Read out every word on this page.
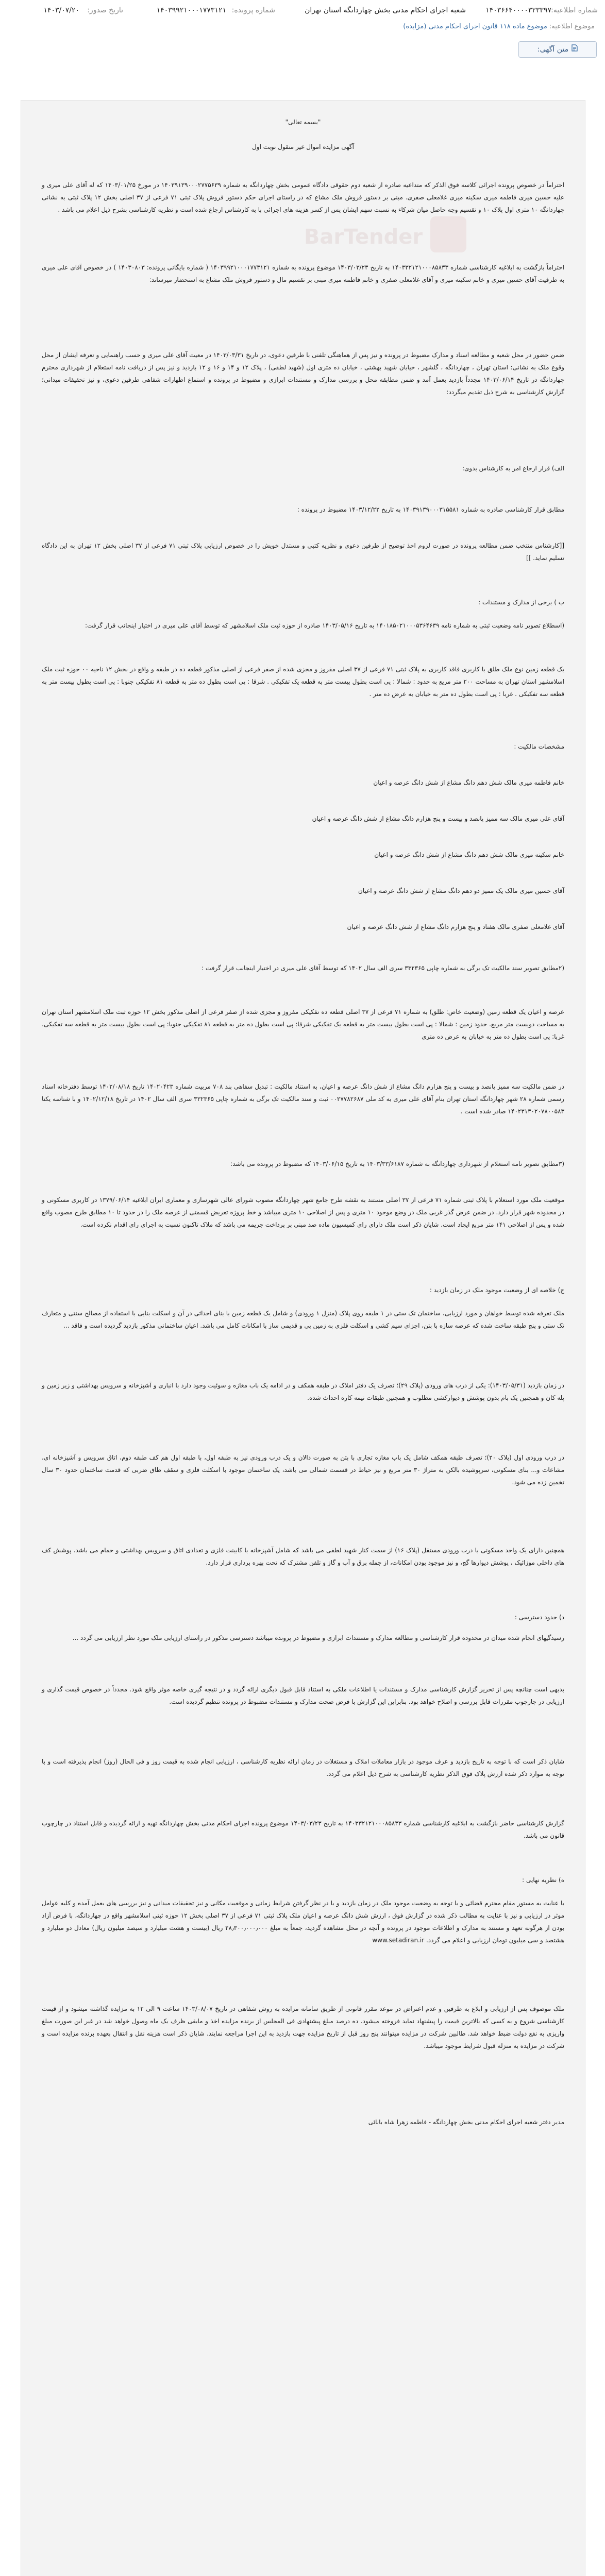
شماره اطلاعیه:
۱۴۰۳۶۶۴۰۰۰۰۳۲۳۳۹۷
شعبه اجرای احکام مدنی بخش چهاردانگه استان تهران
شماره پرونده:
۱۴۰۳۹۹۲۱۰۰۰۱۷۷۳۱۲۱
تاریخ صدور:
۱۴۰۳/۰۷/۲۰
موضوع اطلاعیه: موضوع ماده ۱۱۸ قانون اجرای احکام مدنی (مزایده)
متن آگهی:
BarTender

"بسمه تعالی"

آگهی مزایده اموال غیر منقول نوبت اول

احتراماً در خصوص پرونده اجرائی کلاسه فوق الذکر که متداعیه صادره از شعبه دوم حقوقی دادگاه عمومی بخش چهاردانگه به شماره ۱۴۰۳۹۱۳۹۰۰۰۲۷۷۵۶۳۹ در مورخ ۱۴۰۳/۰۱/۲۵ که له آقای علی میری و علیه حسین میری فاطمه میری سکینه میری غلامعلی صفری. مبنی بر دستور فروش ملک مشاع که در راستای اجرای حکم دستور فروش پلاک ثبتی ۷۱ فرعی از ۳۷ اصلی بخش ۱۲ پلاک ثبتی به نشانی چهاردانگه ۱۰ متری اول پلاک ۱۰ و تقسیم وجه حاصل میان شرکاء به نسبت سهم ایشان پس از کسر هزینه های اجرائی با به کارشناس ارجاع شده است و نظریه کارشناسی بشرح ذیل اعلام می باشد .

احتراماً بازگشت به ابلاغیه کارشناسی شماره ۱۴۰۳۳۲۱۲۱۰۰۰۸۵۸۳۳ به تاریخ ۱۴۰۳/۰۳/۲۳ موضوع پرونده به شماره ۱۴۰۳۹۹۲۱۰۰۰۱۷۷۳۱۲۱ ( شماره بایگانی پرونده: ۱۴۰۳۰۸۰۳ ) در خصوص آقای علی میری به طرفیت آقای حسین میری و خانم سکینه میری و آقای غلامعلی صفری و خانم فاطمه میری مبنی بر تقسیم مال و دستور فروش ملک مشاع به استحضار میرساند:

ضمن حضور در محل شعبه و مطالعه اسناد و مدارک مضبوط در پرونده و نیز پس از هماهنگی تلفنی با طرفین دعوی، در تاریخ ۱۴۰۳/۰۳/۳۱ در معیت آقای علی میری و حسب راهنمایی و تعرفه ایشان از محل وقوع ملک به نشانی: استان تهران ، چهاردانگه ، گلشهر ، خیابان شهید بهشتی ، خیابان ده متری اول (شهید لطفی) ، پلاک ۱۲ و ۱۴ و ۱۶ و ۱۲ بازدید و نیز پس از دریافت نامه استعلام از شهرداری محترم چهاردانگه در تاریخ ۱۴۰۳/۰۶/۱۴ مجدداً بازدید بعمل آمد و ضمن مطابقه محل و بررسی مدارک و مستندات ابرازی و مضبوط در پرونده و استماع اظهارات شفاهی طرفین دعوی، و نیز تحقیقات میدانی؛ گزارش کارشناسی به شرح ذیل تقدیم میگردد:

الف) قرار ارجاع امر به کارشناس بدوی:

مطابق قرار کارشناسی صادره به شماره ۱۴۰۳۹۱۳۹۰۰۰۳۱۵۵۸۱ به تاریخ ۱۴۰۳/۱۲/۲۲ مضبوط در پرونده :

[[کارشناس منتخب ضمن مطالعه پرونده در صورت لزوم اخذ توضیح از طرفین دعوی و نظریه کتبی و مستدل خویش را در خصوص ارزیابی پلاک ثبتی ۷۱ فرعی از ۳۷ اصلی بخش ۱۲ تهران به این دادگاه تسلیم نماید. ]]

ب ) برخی از مدارک و مستندات :

(اسطلاع تصویر نامه وضعیت ثبتی به شماره نامه ۱۴۰۱۸۵۰۲۱۰۰۰۵۳۶۴۶۳۹ به تاریخ ۱۴۰۳/۰۵/۱۶ صادره از حوزه ثبت ملک اسلامشهر که توسط آقای علی میری در اختیار اینجانب قرار گرفت:

یک قطعه زمین نوع ملک طلق با کاربری فاقد کاربری به پلاک ثبتی ۷۱ فرعی از ۳۷ اصلی مفروز و مجزی شده از صفر فرعی از اصلی مذکور قطعه ده در طبقه و واقع در بخش ۱۲ ناحیه ۰۰ حوزه ثبت ملک اسلامشهر استان تهران به مساحت ۲۰۰ متر مربع به حدود : شمالا : پی است بطول بیست متر به قطعه یک تفکیکی . شرقا : پی است بطول ده متر به قطعه ۸۱ تفکیکی جنوبا : پی است بطول بیست متر به قطعه سه تفکیکی . غربا : پی است بطول ده متر به خیابان به عرض ده متر .

مشخصات مالکیت :

خانم فاطمه میری مالک شش دهم دانگ مشاع از شش دانگ عرصه و اعیان

آقای علی میری مالک سه ممیز پانصد و بیست و پنج هزارم دانگ مشاع از شش دانگ عرصه و اعیان

خانم سکینه میری مالک شش دهم دانگ مشاع از شش دانگ عرصه و اعیان

آقای حسین میری مالک یک ممیز دو دهم دانگ مشاع از شش دانگ عرصه و اعیان

آقای غلامعلی صفری مالک هفتاد و پنج هزارم دانگ مشاع از شش دانگ عرصه و اعیان

(۲مطابق تصویر سند مالکیت تک برگی به شماره چاپی ۳۳۲۳۶۵ سری الف سال ۱۴۰۲ که توسط آقای علی میری در اختیار اینجانب قرار گرفت :

عرصه و اعیان یک قطعه زمین (وضعیت خاص: طلق) به شماره ۷۱ فرعی از ۳۷ اصلی قطعه ده تفکیکی مفروز و مجزی شده از صفر فرعی از اصلی مذکور بخش ۱۲ حوزه ثبت ملک اسلامشهر استان تهران به مساحت دویست متر مربع. حدود زمین : شمالا : پی است بطول بیست متر به قطعه یک تفکیکی شرقا: پی است بطول ده متر به قطعه ۸۱ تفکیکی جنوبا: پی است بطول بیست متر به قطعه سه تفکیکی. غربا: پی است بطول ده متر به خیابان به عرض ده متری

در ضمن مالکیت سه ممیز پانصد و بیست و پنج هزارم دانگ مشاع از شش دانگ عرصه و اعیان، به استناد مالکیت : تبدیل سفاهی بند ۷۰۸ مربیت شماره ۱۴۰۲۰۴۲۳ تاریخ ۱۴۰۲/۰۸/۱۸ توسط دفترخانه اسناد رسمی شماره ۲۸ شهر چهاردانگه استان تهران بنام آقای علی میری به کد ملی ۰۰۲۷۷۸۲۶۸۷ ثبت و سند مالکیت تک برگی به شماره چاپی ۳۳۲۳۶۵ سری الف سال ۱۴۰۲ در تاریخ ۱۴۰۲/۱۲/۱۸ و با شناسه یکتا ۱۴۰۲۳۱۳۰۲۰۷۸۰۰۵۸۳ صادر شده است .

(۳مطابق تصویر نامه استعلام از شهرداری چهاردانگه به شماره ۱۴۰۳/۳۳/۶۱۸۷ به تاریخ ۱۴۰۳/۰۶/۱۵ که مضبوط در پرونده می باشد:

موقعیت ملک مورد استعلام با پلاک ثبتی شماره ۷۱ فرعی از ۳۷ اصلی مستند به نقشه طرح جامع شهر چهاردانگه مصوب شورای عالی شهرسازی و معماری ایران ابلاغیه ۱۳۷۹/۰۶/۱۴ در کاربری مسکونی و در محدوده شهر قرار دارد. در ضمن عرض گذر غربی ملک در وضع موجود ۱۰ متری و پس از اصلاحی ۱۰ متری میباشد و خط پروژه تعریض قسمتی از عرصه ملک را در حدود تا ۱۰ مطابق طرح مصوب واقع شده و پس از اصلاحی ۱۴۱ متر مربع ایجاد است. شایان ذکر است ملک دارای رای کمیسیون ماده صد مبنی بر پرداخت جریمه می باشد که ملاک تاکنون نسبت به اجرای رای اقدام نکرده است.

ج) خلاصه ای از وضعیت موجود ملک در زمان بازدید :

ملک تعرفه شده توسط خواهان و مورد ارزیابی، ساختمان تک ستی در ۱ طبقه روی پلاک (منزل ۱ ورودی) و شامل یک قطعه زمین با بنای احداثی در آن و اسکلت بنایی با استفاده از مصالح سنتی و متعارف تک ستی و پنج طبقه ساخت شده که عرصه سازه با بتن، اجزای سیم کشی و اسکلت فلزی به زمین پی و قدیمی ساز با امکانات کامل می باشد. اعیان ساختمانی مذکور بازدید گردیده است و فاقد ...

در زمان بازدید (۱۴۰۳/۰۵/۳۱): یکی از درب های ورودی (پلاک ۲۹)؛ تصرف یک دفتر املاک در طبقه همکف و در ادامه یک باب مغازه و سوئیت وجود دارد با انباری و آشپزخانه و سرویس بهداشتی و زیر زمین و پله کان و همچنین یک بام بدون پوشش و دیوارکشی مطلوب و همچنین طبقات نیمه کاره احداث شده.

در درب ورودی اول (پلاک ۲۰)؛ تصرف طبقه همکف شامل یک باب مغازه تجاری با بتن به صورت دالان و یک درب ورودی نیز به طبقه اول، با طبقه اول هم کف طبقه دوم، اتاق سرویس و آشپزخانه ای، مشاعات و... بنای مسکونی، سرپوشیده بالکن به متراژ ۳۰ متر مربع و نیز حیاط در قسمت شمالی می باشد، یک ساختمان موجود با اسکلت فلزی و سقف طاق ضربی که قدمت ساختمان حدود ۳۰ سال تخمین زده می شود.

همچنین دارای یک واحد مسکونی با درب ورودی مستقل (پلاک ۱۶) از سمت کنار شهید لطفی می باشد که شامل آشپزخانه با کابینت فلزی و تعدادی اتاق و سرویس بهداشتی و حمام می باشد. پوشش کف های داخلی موزائیک ، پوشش دیوارها گچ، و نیز موجود بودن امکانات، از جمله برق و آب و گاز و تلفن مشترک که تحت بهره برداری قرار دارد.

د) حدود دسترسی :

رسیدگیهای انجام شده میدان در محدوده قرار کارشناسی و مطالعه مدارک و مستندات ابرازی و مضبوط در پرونده میباشد دسترسی مذکور در راستای ارزیابی ملک مورد نظر ارزیابی می گردد ...

بدیهی است چنانچه پس از تحریر گزارش کارشناسی مدارک و مستندات یا اطلاعات ملکی به استناد قابل قبول دیگری ارائه گردد و در نتیجه گیری خاصه موثر واقع شود. مجدداً در خصوص قیمت گذاری و ارزیابی در چارچوب مقررات قابل بررسی و اصلاح خواهد بود. بنابراین این گزارش با فرض صحت مدارک و مستندات مضبوط در پرونده تنظیم گردیده است.

شایان ذکر است که با توجه به تاریخ بازدید و عرف موجود در بازار معاملات املاک و مستغلات در زمان ارائه نظریه کارشناسی ، ارزیابی انجام شده به قیمت روز و فی الحال (روز) انجام پذیرفته است و با توجه به موارد ذکر شده ارزش پلاک فوق الذکر نظریه کارشناسی به شرح ذیل اعلام می گردد.

گزارش کارشناسی حاضر بازگشت به ابلاغیه کارشناسی شماره ۱۴۰۳۳۲۱۲۱۰۰۰۸۵۸۳۳ به تاریخ ۱۴۰۳/۰۳/۲۳ موضوع پرونده اجرای احکام مدنی بخش چهاردانگه تهیه و ارائه گردیده و قابل استناد در چارچوب قانون می باشد.

ه) نظریه نهایی :

با عنایت به مستور مقام محترم قضائی و با توجه به وضعیت موجود ملک در زمان بازدید و با در نظر گرفتن شرایط زمانی و موقعیت مکانی و نیز تحقیقات میدانی و نیز بررسی های بعمل آمده و کلیه عوامل موثر در ارزیابی و نیز با عنایت به مطالب ذکر شده در گزارش فوق ، ارزش شش دانگ عرصه و اعیان ملک پلاک ثبتی ۷۱ فرعی از ۳۷ اصلی بخش ۱۲ حوزه ثبتی اسلامشهر واقع در چهاردانگه، با فرض آزاد بودن از هرگونه تعهد و مستند به مدارک و اطلاعات موجود در پرونده و آنچه در محل مشاهده گردید، جمعاً به مبلغ ۲۸٫۳۰۰٫۰۰۰٫۰۰۰ ریال (بیست و هشت میلیارد و سیصد میلیون ریال) معادل دو میلیارد و هشتصد و سی میلیون تومان ارزیابی و اعلام می گردد. www.setadiran.ir

ملک موصوف پس از ارزیابی و ابلاغ به طرفین و عدم اعتراض در موعد مقرر قانونی از طریق سامانه مزایده به روش شفاهی در تاریخ ۱۴۰۳/۰۸/۰۷ ساعت ۹ الی ۱۲ به مزایده گذاشته میشود و از قیمت کارشناسی شروع و به کسی که بالاترین قیمت را پیشنهاد نماید فروخته میشود. ده درصد مبلغ پیشنهادی فی المجلس از برنده مزایده اخذ و مابقی ظرف یک ماه وصول خواهد شد در غیر این صورت مبلغ واریزی به نفع دولت ضبط خواهد شد. طالبین شرکت در مزایده میتوانند پنج روز قبل از تاریخ مزایده جهت بازدید به این اجرا مراجعه نمایند. شایان ذکر است هزینه نقل و انتقال بعهده برنده مزایده است و شرکت در مزایده به منزله قبول شرایط موجود میباشد.

مدیر دفتر شعبه اجرای احکام مدنی بخش چهاردانگه - فاطمه زهرا شاه بابائی
